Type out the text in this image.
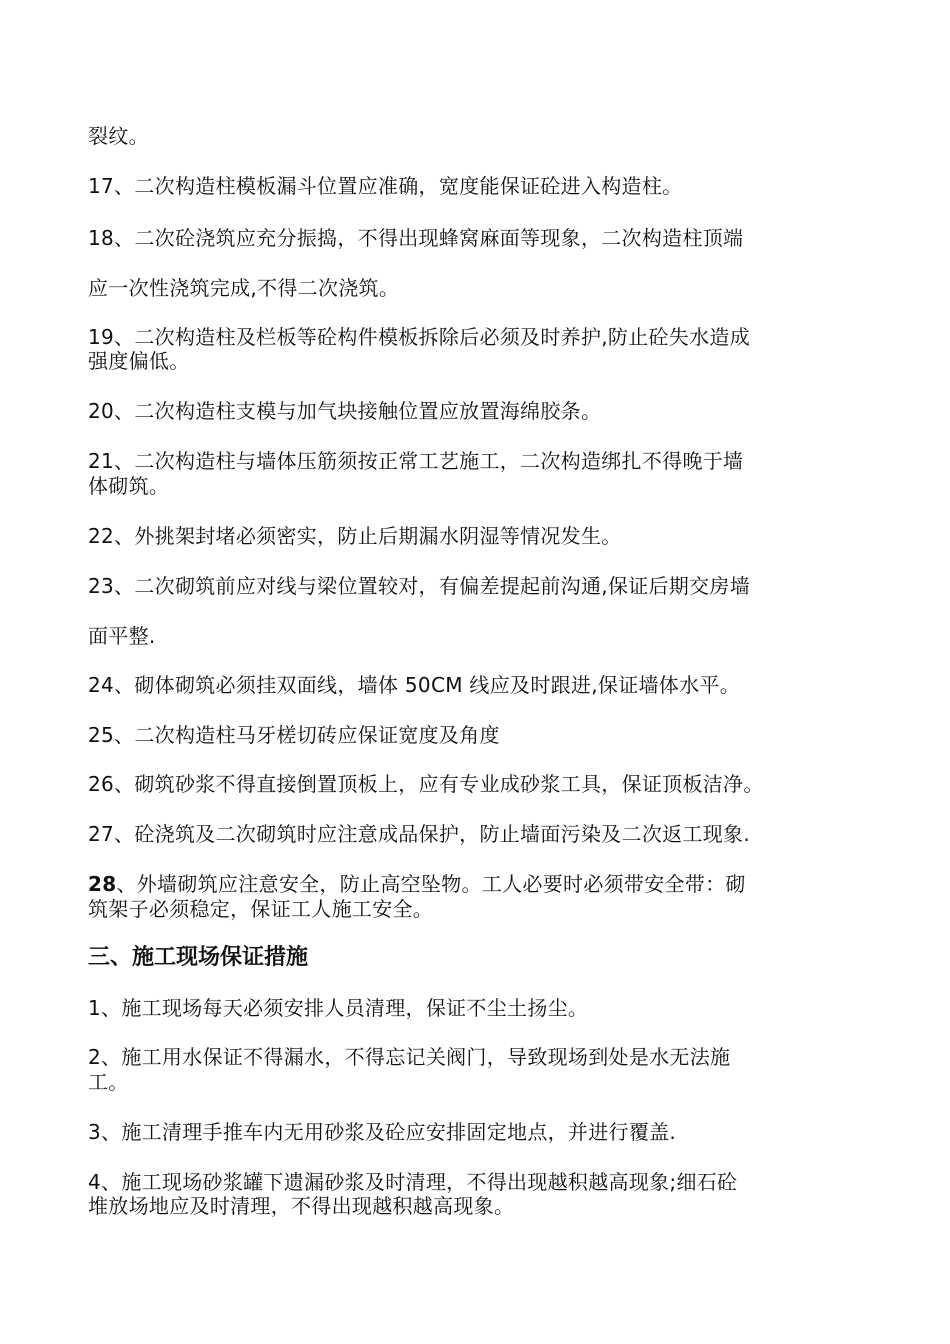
裂纹。
17、二次构造柱模板漏斗位置应准确，宽度能保证砼进入构造柱。
18、二次砼浇筑应充分振捣，不得出现蜂窝麻面等现象，二次构造柱顶端
应一次性浇筑完成,不得二次浇筑。
19、二次构造柱及栏板等砼构件模板拆除后必须及时养护,防止砼失水造成
强度偏低。
20、二次构造柱支模与加气块接触位置应放置海绵胶条。
21、二次构造柱与墙体压筋须按正常工艺施工，二次构造绑扎不得晚于墙
体砌筑。
22、外挑架封堵必须密实，防止后期漏水阴湿等情况发生。
23、二次砌筑前应对线与梁位置较对，有偏差提起前沟通,保证后期交房墙
面平整.
24、砌体砌筑必须挂双面线，墙体 50CM 线应及时跟进,保证墙体水平。
25、二次构造柱马牙槎切砖应保证宽度及角度
26、砌筑砂浆不得直接倒置顶板上，应有专业成砂浆工具，保证顶板洁净。
27、砼浇筑及二次砌筑时应注意成品保护，防止墙面污染及二次返工现象.
28、外墙砌筑应注意安全，防止高空坠物。工人必要时必须带安全带：砌
筑架子必须稳定，保证工人施工安全。
三、施工现场保证措施
1、施工现场每天必须安排人员清理，保证不尘土扬尘。
2、施工用水保证不得漏水，不得忘记关阀门，导致现场到处是水无法施
工。
3、施工清理手推车内无用砂浆及砼应安排固定地点，并进行覆盖.
4、施工现场砂浆罐下遗漏砂浆及时清理，不得出现越积越高现象;细石砼
堆放场地应及时清理，不得出现越积越高现象。
